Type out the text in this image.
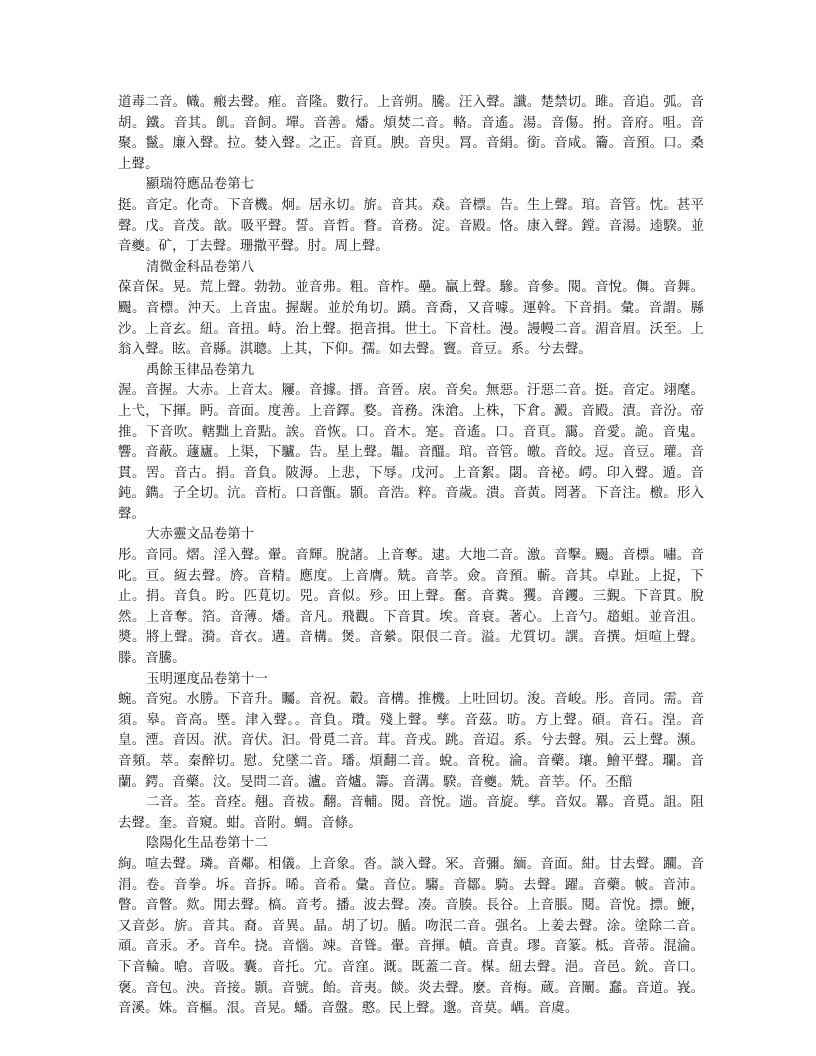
道毒二音。幟。瘢去聲。痽。音隆。數行。上音朔。騰。汪入聲。讖。楚禁切。雎。音追。弧。音胡。鐵。音其。飢。音飼。墠。音善。燔。煩焚二音。輅。音遙。湯。音傷。拊。音府。咀。音聚。鬣。廉入聲。拉。婪入聲。之正。音頁。腴。音臾。罥。音絹。銜。音咸。籥。音預。口。桑上聲。

顯瑞符應品卷第七

挺。音定。化奇。下音機。炯。居永切。旂。音其。猋。音標。告。生上聲。琯。音管。忱。甚平聲。戊。音茂。歆。吸平聲。誓。音哲。瞀。音務。淀。音殿。恪。康入聲。鏜。音湯。逵騤。並音夔。矿，丁去聲。珊撒平聲。肘。周上聲。

清微金科品卷第八

葆音保。晃。荒上聲。勃勃。並音弗。粗。音柞。壘。贏上聲。驂。音參。閱。音悅。儛。音舞。颺。音標。沖天。上音盅。握龌。並於角切。蹻。音喬，又音噱。運斡。下音捐。彙。音謂。縣沙。上音玄。紐。音扭。峙。治上聲。挹音揖。世土。下音杜。漫。謾幔二音。湄音眉。沃至。上翁入聲。眩。音縣。淇聰。上其，下仰。孺。如去聲。竇。音豆。系。兮去聲。

禹餘玉律品卷第九

渥。音握。大赤。上音太。屨。音據。搢。音晉。扆。音矣。無惡。汙惡二音。挺。音定。翊麾。上弋，下揮。眄。音面。度善。上音鐸。婺。音務。洙滄。上株，下倉。澱。音殿。漬。音汾。帝推。下音吹。轄黜上音點。誒。音恢。口。音木。寔。音遙。口。音頁。靄。音愛。詭。音鬼。響。音蔽。蘧廬。上渠，下驢。告。星上聲。韞。音醞。琯。音管。皦。音皎。逗。音豆。瓘。音貫。罟。音古。捐。音負。陂溽。上悲，下辱。戊河。上音絮。閟。音祕。崿。印入聲。遁。音鈍。鐫。子全切。沆。音桁。口音甑。顥。音浩。粹。音歲。潰。音黃。罔著。下音注。檄。形入聲。

大赤靈文品卷第十

彤。音同。熠。淫入聲。翬。音輝。脫諸。上音奪。逮。大地二音。激。音擊。颺。音標。嘯。音叱。亘。絚去聲。旍。音精。應度。上音膺。兟。音莘。僉。音預。蘄。音其。卓趾。上捉，下止。捐。音負。盻。匹莧切。兕。音似。殄。田上聲。奮。音糞。玃。音钁。三覲。下音貫。脫然。上音奪。箔。音薄。燔。音凡。飛觀。下音貫。埃。音衰。著心。上音勺。趦蛆。並音沮。奬。將上聲。漪。音衣。遘。音構。煲。音縈。限佷二音。溢。尤質切。譔。音撰。烜喧上聲。滕。音騰。

玉明運度品卷第十一

蜿。音宛。水勝。下音升。矚。音祝。轂。音構。推機。上吐回切。浚。音峻。彤。音同。需。音須。皋。音高。塈。津入聲。。音負。瓚。殘上聲。孳。音茲。昉。方上聲。碩。音石。湟。音皇。湮。音因。洑。音伏。汩。骨覓二音。茸。音戎。跳。音迢。系。兮去聲。殞。云上聲。濒。音頻。萃。秦醉切。慰。兌墜二音。璠。煩翻二音。蛻。音稅。淪。音藥。瓖。鱠平聲。瓓。音蘭。鍔。音藥。汶。旻問二音。瀘。音爐。籌。音溝。騤。音夔。兟。音莘。伓。丕醅

二音。荃。音痊。翹。音祓。翻。音輔。閱。音悅。遄。音旋。孳。音奴。羃。音覓。詛。阻去聲。奎。音窺。蚶。音附。蜩。音條。

陰陽化生品卷第十二

絢。喧去聲。璘。音鄰。相儀。上音象。沓。談入聲。冞。音彌。緬。音面。紺。甘去聲。躙。音涓。卷。音拳。坼。音拆。晞。音希。彙。音位。騶。音鄒。騎。去聲。躍。音藥。帔。音沛。瞥。音瞥。欻。閒去聲。槁。音考。播。波去聲。凑。音腠。長谷。上音脹。閱。音悅。摽。鯾，又音彭。旂。音其。裔。音異。晶。胡了切。腯。吻泯二音。强名。上姜去聲。涂。塗除二音。頑。音汞。矛。音牟。挠。音惱。竦。音聳。翬。音揮。幘。音責。璆。音篆。柢。音蒂。混淪。下音輪。嗆。音吸。囊。音托。宂。音窪。溉。既蓋二音。楳。紐去聲。浥。音邑。鈗。音口。褒。音包。泱。音接。顥。音號。飴。音夷。餤。炎去聲。麼。音梅。蔵。音闡。蠢。音道。峩。音溪。姝。音樞。泿。音晃。蟠。音盤。憨。民上聲。邈。音莫。嵎。音虞。
